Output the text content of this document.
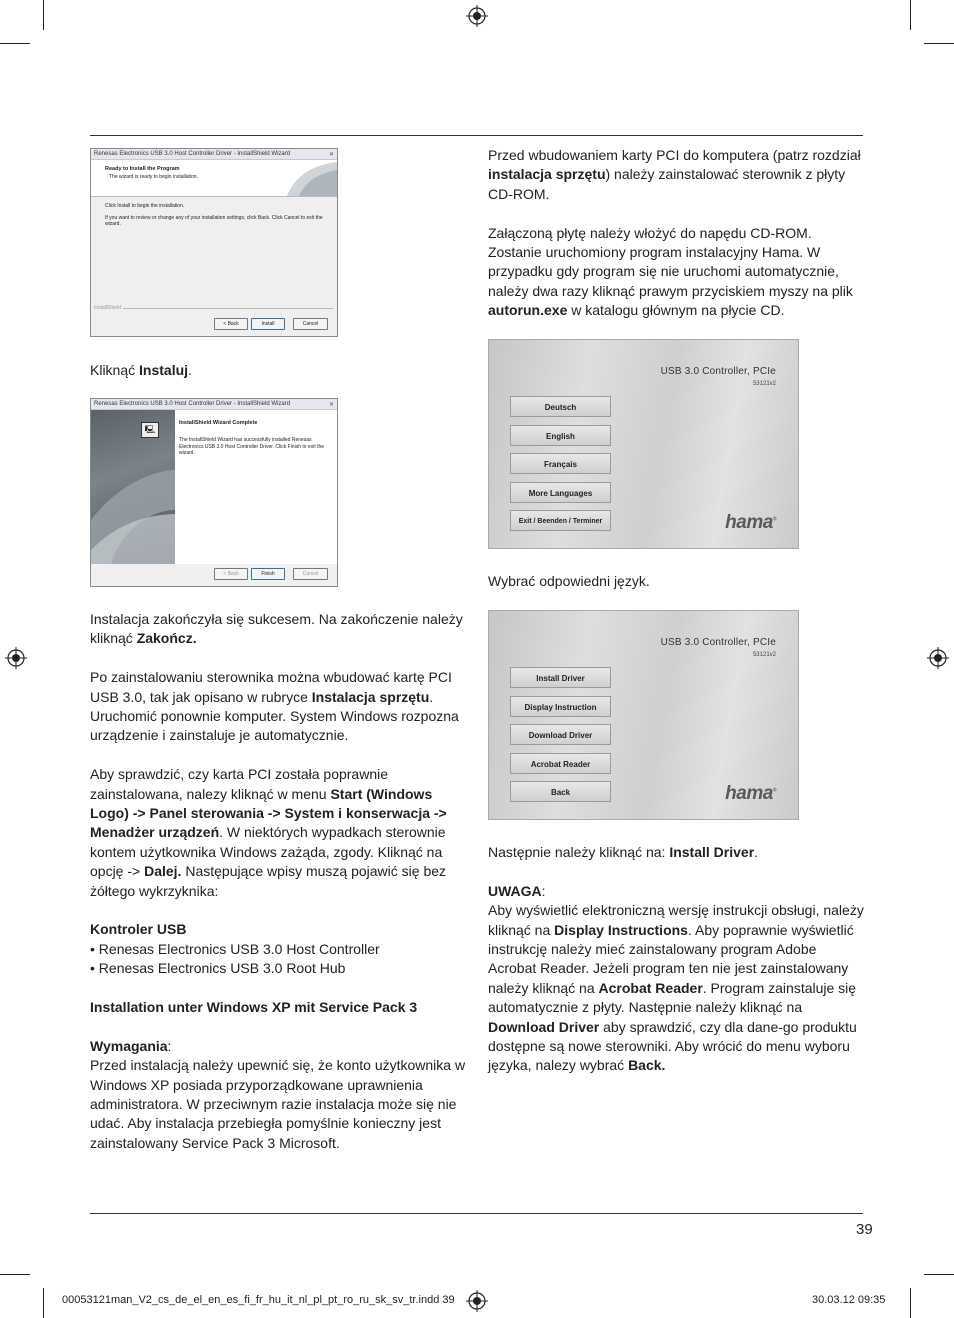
Renesas Electronics USB 3.0 Host Controller Driver - InstallShield Wizard	✕
Ready to Install the Program
The wizard is ready to begin installation.
Click Install to begin the installation.
If you want to review or change any of your installation settings, click Back. Click Cancel to exit the wizard.
InstallShield
< Back	Install	Cancel
Renesas Electronics USB 3.0 Host Controller Driver - InstallShield Wizard	✕
🖳
InstallShield Wizard Complete
The InstallShield Wizard has successfully installed Renesas Electronics USB 3.0 Host Controller Driver. Click Finish to exit the wizard.
< Back	Finish	Cancel
Kliknąć Instaluj.

Instalacja zakończyła się sukcesem. Na zakończenie należy kliknąć Zakończ.

Po zainstalowaniu sterownika można wbudować kartę PCI USB 3.0, tak jak opisano w rubryce Instalacja sprzętu. Uruchomić ponownie komputer. System Windows rozpozna urządzenie i zainstaluje je automatycznie.

Aby sprawdzić, czy karta PCI została poprawnie zainstalowana, nalezy kliknąć w menu Start (Windows Logo) -> Panel sterowania -> System i konserwacja -> Menadżer urządzeń. W niektórych wypadkach sterownie kontem użytkownika Windows zażąda, zgody. Kliknąć na opcję -> Dalej. Następujące wpisy muszą pojawić się bez żółtego wykrzyknika:

Kontroler USB

• Renesas Electronics USB 3.0 Host Controller

• Renesas Electronics USB 3.0 Root Hub

Installation unter Windows XP mit Service Pack 3

Wymagania:

Przed instalacją należy upewnić się, że konto użytkownika w Windows XP posiada przyporządkowane uprawnienia administratora. W przeciwnym razie instalacja może się nie udać. Aby instalacja przebiegła pomyślnie konieczny jest zainstalowany Service Pack 3 Microsoft.

Przed wbudowaniem karty PCI do komputera (patrz rozdział instalacja sprzętu) należy zainstalować sterownik z płyty CD-ROM.

Załączoną płytę należy włożyć do napędu CD-ROM. Zostanie uruchomiony program instalacyjny Hama. W przypadku gdy program się nie uruchomi automatycznie, należy dwa razy kliknąć prawym przyciskiem myszy na plik autorun.exe w katalogu głównym na płycie CD.

USB 3.0 Controller, PCIe
53121v2
Deutsch
English
Français
More Languages
Exit / Beenden / Terminer	hama®
Wybrać odpowiedni język.
USB 3.0 Controller, PCIe
53121v2
Install Driver
Display Instruction
Download Driver
Acrobat Reader
Back	hama®

Następnie należy kliknąć na: Install Driver.

UWAGA:

Aby wyświetlić elektroniczną wersję instrukcji obsługi, należy kliknąć na Display Instructions. Aby poprawnie wyświetlić instrukcję należy mieć zainstalowany program Adobe Acrobat Reader. Jeżeli program ten nie jest zainstalowany należy kliknąć na Acrobat Reader. Program zainstaluje się automatycznie z płyty. Następnie należy kliknąć na Download Driver aby sprawdzić, czy dla dane-go produktu dostępne są nowe sterowniki. Aby wrócić do menu wyboru języka, nalezy wybrać Back.

39
00053121man_V2_cs_de_el_en_es_fi_fr_hu_it_nl_pl_pt_ro_ru_sk_sv_tr.indd 39	30.03.12 09:35
